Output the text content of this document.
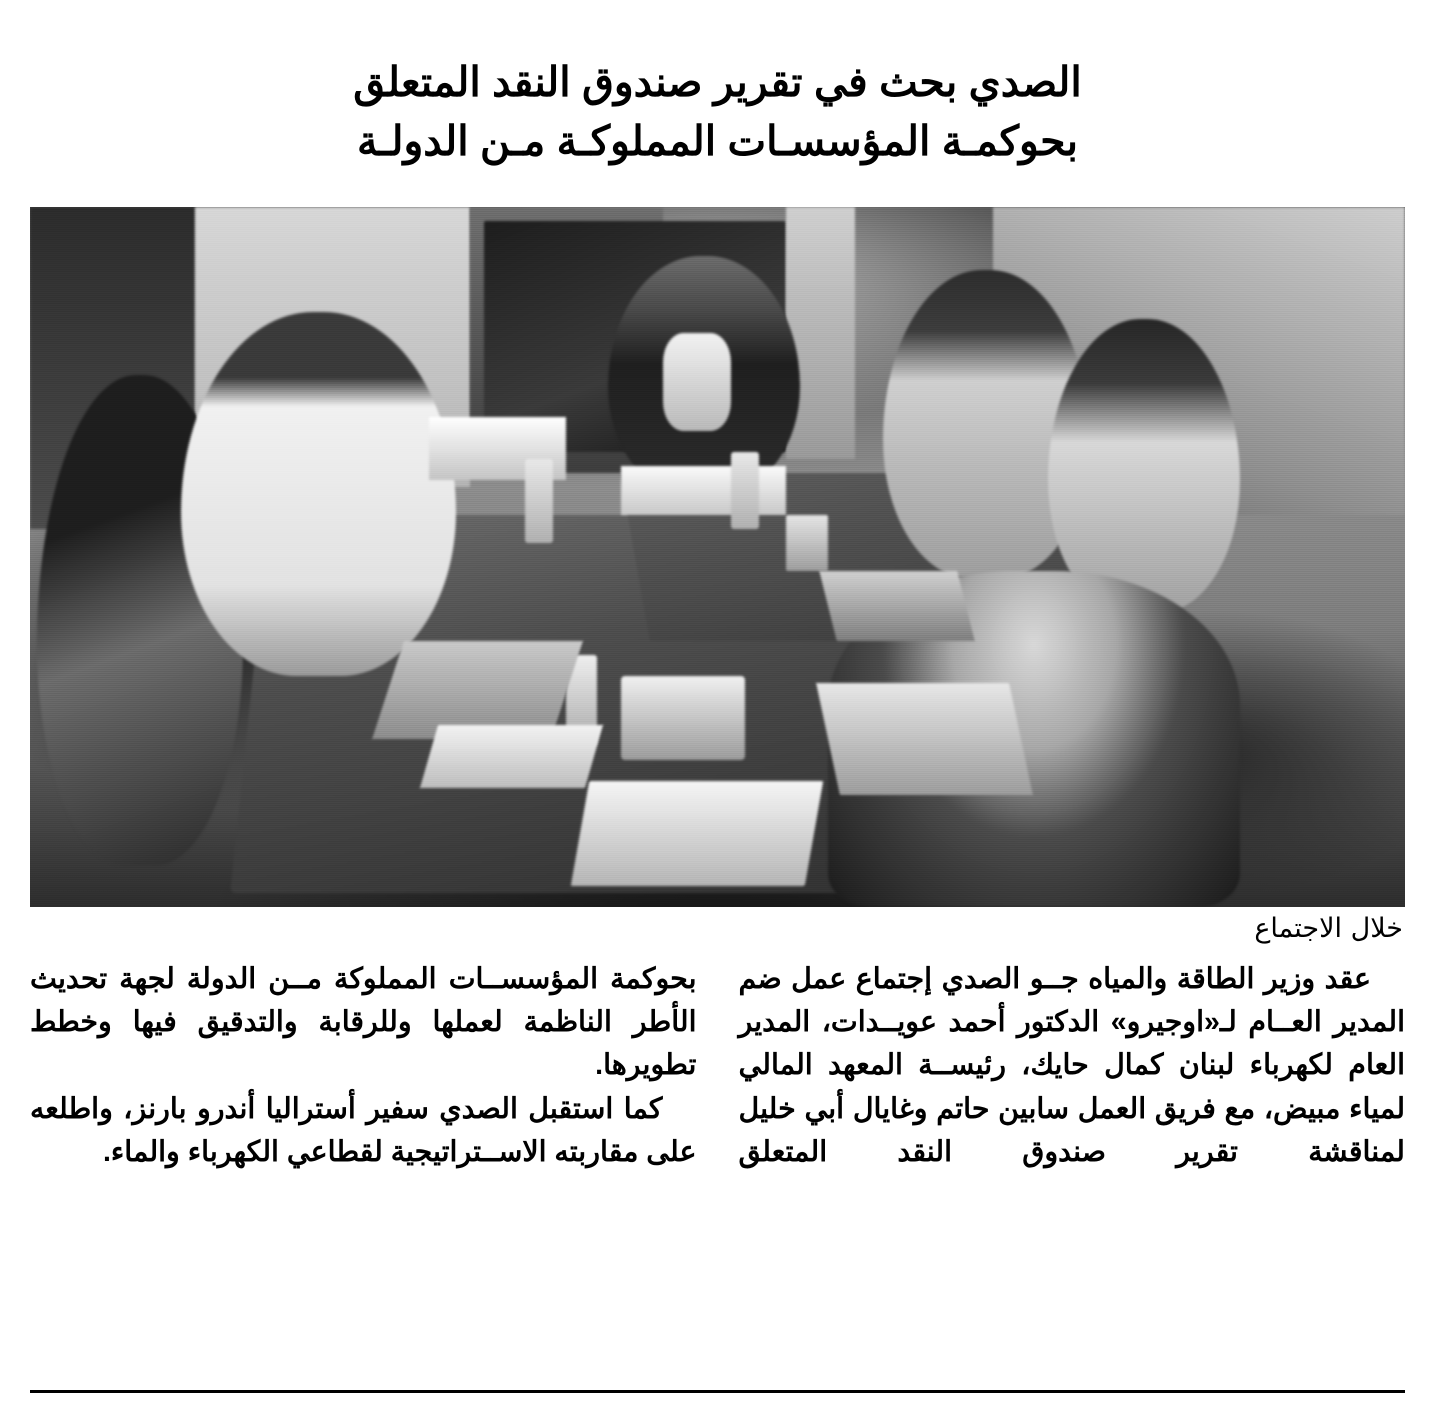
الصدي بحث في تقرير صندوق النقد المتعلق
بحوكمـة المؤسسـات المملوكـة مـن الدولـة
خلال الاجتماع

عقد وزير الطاقة والمياه جــو الصدي إجتماع عمل ضم المدير العــام لـ«اوجيرو» الدكتور أحمد عويــدات، المدير العام لكهرباء لبنان كمال حايك، رئيســة المعهد المالي لمياء مبيض، مع فريق العمل سابين حاتم وغايال أبي خليل لمناقشة تقرير صندوق النقد المتعلق

بحوكمة المؤسســات المملوكة مــن الدولة لجهة تحديث الأطر الناظمة لعملها وللرقابة والتدقيق فيها وخطط تطويرها.

كما استقبل الصدي سفير أستراليا أندرو بارنز، واطلعه على مقاربته الاســتراتيجية لقطاعي الكهرباء والماء.
